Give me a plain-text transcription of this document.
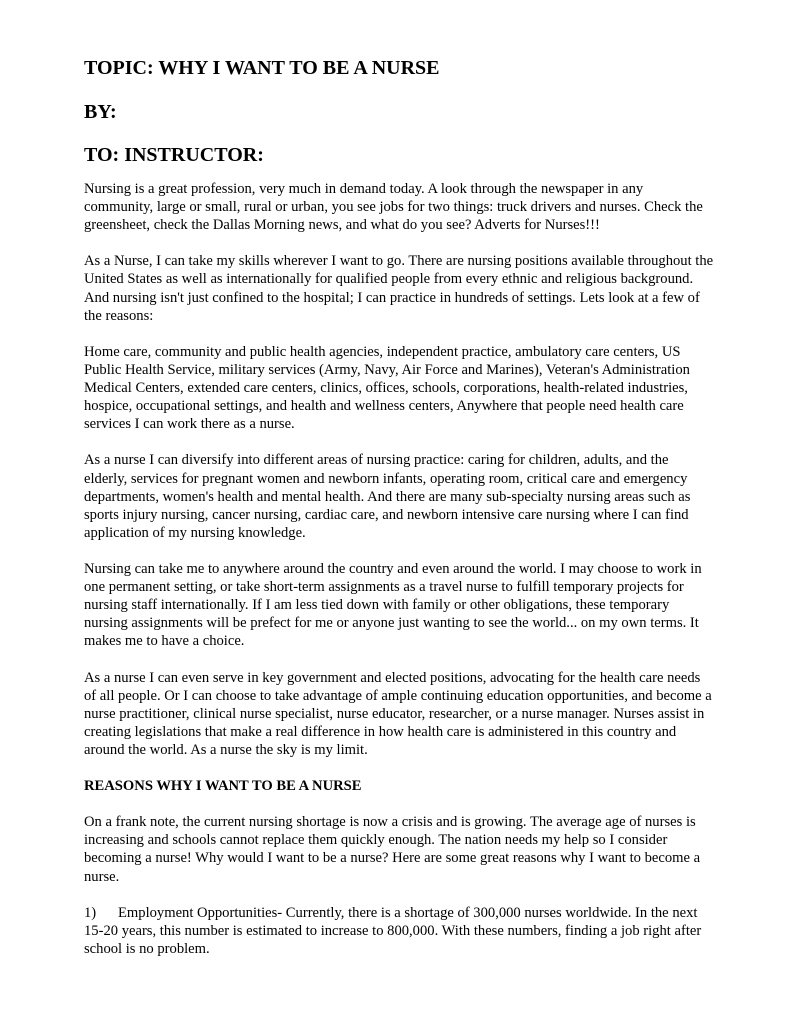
TOPIC: WHY I WANT TO BE A NURSE
BY:
TO: INSTRUCTOR:

Nursing is a great profession, very much in demand today. A look through the newspaper in any community, large or small, rural or urban, you see jobs for two things: truck drivers and nurses. Check the greensheet, check the Dallas Morning news, and what do you see? Adverts for Nurses!!!

As a Nurse, I can take my skills wherever I want to go. There are nursing positions available throughout the United States as well as internationally for qualified people from every ethnic and religious background. And nursing isn't just confined to the hospital; I can practice in hundreds of settings. Lets look at a few of the reasons:

Home care, community and public health agencies, independent practice, ambulatory care centers, US Public Health Service, military services (Army, Navy, Air Force and Marines), Veteran's Administration Medical Centers, extended care centers, clinics, offices, schools, corporations, health-related industries, hospice, occupational settings, and health and wellness centers, Anywhere that people need health care services I can work there as a nurse.

As a nurse I can diversify into different areas of nursing practice: caring for children, adults, and the elderly, services for pregnant women and newborn infants, operating room, critical care and emergency departments, women's health and mental health. And there are many sub-specialty nursing areas such as sports injury nursing, cancer nursing, cardiac care, and newborn intensive care nursing where I can find application of my nursing knowledge.

Nursing can take me to anywhere around the country and even around the world. I may choose to work in one permanent setting, or take short-term assignments as a travel nurse to fulfill temporary projects for nursing staff internationally. If I am less tied down with family or other obligations, these temporary nursing assignments will be prefect for me or anyone just wanting to see the world... on my own terms. It makes me to have a choice.

As a nurse I can even serve in key government and elected positions, advocating for the health care needs of all people. Or I can choose to take advantage of ample continuing education opportunities, and become a nurse practitioner, clinical nurse specialist, nurse educator, researcher, or a nurse manager. Nurses assist in creating legislations that make a real difference in how health care is administered in this country and around the world. As a nurse the sky is my limit.

REASONS WHY I WANT TO BE A NURSE

On a frank note, the current nursing shortage is now a crisis and is growing. The average age of nurses is increasing and schools cannot replace them quickly enough. The nation needs my help so I consider becoming a nurse! Why would I want to be a nurse? Here are some great reasons why I want to become a nurse.

1) Employment Opportunities- Currently, there is a shortage of 300,000 nurses worldwide. In the next 15-20 years, this number is estimated to increase to 800,000. With these numbers, finding a job right after school is no problem.
